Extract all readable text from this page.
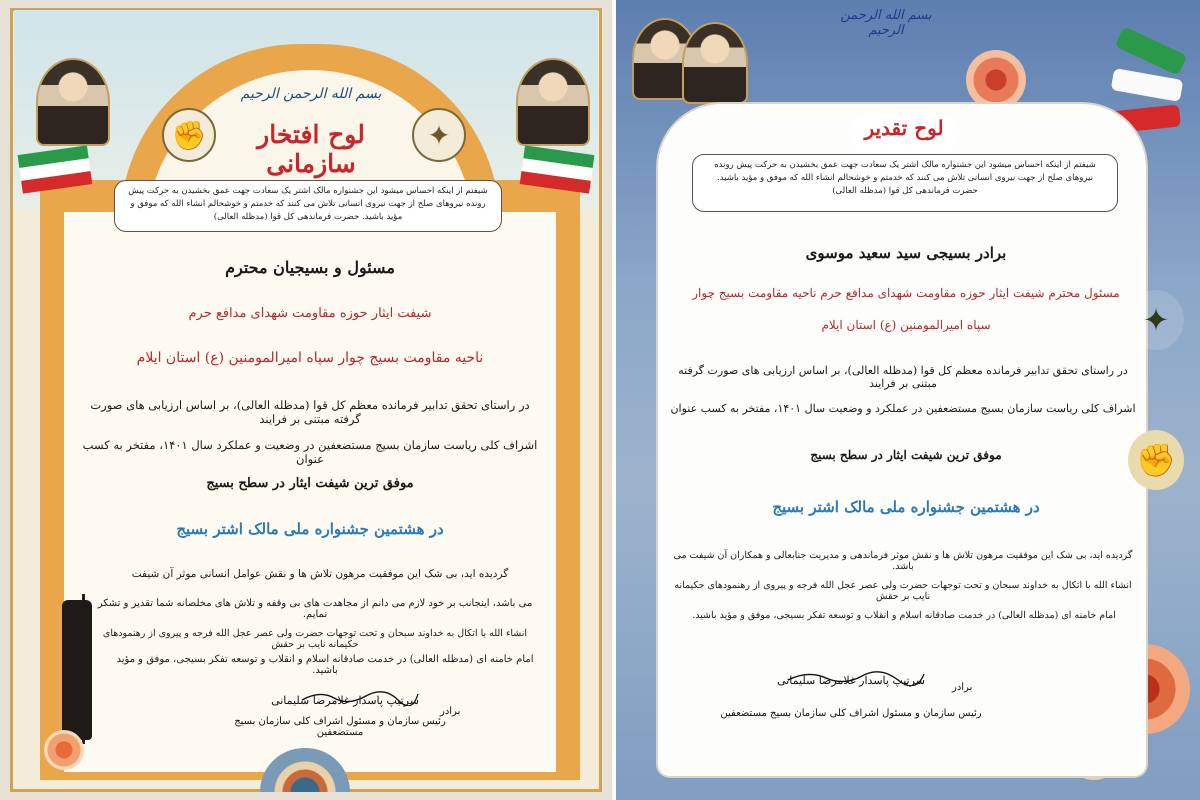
✊	✦
بسم الله الرحمن الرحیم
لوح افتخار سازمانی
شیفتم از اینکه احساس میشود این جشنواره مالک اشتر یک سعادت جهت عمق بخشیدن به حرکت پیش رونده نیروهای صلح از جهت نیروی انسانی تلاش می کنند که خدمتم و خوشحالم انشاء الله که موفق و مؤید باشید. حضرت فرماندهی کل قوا (مدظله العالی)
مسئول و بسیجیان محترم
شیفت ایثار حوزه مقاومت شهدای مدافع حرم
ناحیه مقاومت بسیج چوار سپاه امیرالمومنین (ع) استان ایلام
در راستای تحقق تدابیر فرمانده معظم کل قوا (مدظله العالی)، بر اساس ارزیابی های صورت گرفته مبتنی بر فرایند
اشراف کلی ریاست سازمان بسیج مستضعفین در وضعیت و عملکرد سال ۱۴۰۱، مفتخر به کسب عنوان
موفق ترین شیفت ایثار در سطح بسیج
در هشتمین جشنواره ملی مالک اشتر بسیج
گردیده اید، بی شک این موفقیت مرهون تلاش ها و نقش عوامل انسانی موثر آن شیفت
می باشد، اینجانب بر خود لازم می دانم از مجاهدت های بی وقفه و تلاش های مخلصانه شما تقدیر و تشکر نمایم.
انشاء الله با اتکال به خداوند سبحان و تحت توجهات حضرت ولی عصر عجل الله فرجه و پیروی از رهنمودهای حکیمانه نایب بر حقش
امام خامنه ای (مدظله العالی) در خدمت صادقانه اسلام و انقلاب و توسعه تفکر بسیجی، موفق و مؤید باشید.
سرتیپ پاسدار غلامرضا سلیمانی
برادر
رئیس سازمان و مسئول اشراف کلی سازمان بسیج مستضعفین
بسم الله الرحمن الرحیم
لوح تقدیر
شیفتم از اینکه احساس میشود این جشنواره مالک اشتر یک سعادت جهت عمق بخشیدن به حرکت پیش رونده نیروهای صلح از جهت نیروی انسانی تلاش می کنند که خدمتم و خوشحالم انشاء الله که موفق و مؤید باشید. حضرت فرماندهی کل قوا (مدظله العالی)
✦
✊
برادر بسیجی سید سعید موسوی
مسئول محترم شیفت ایثار حوزه مقاومت شهدای مدافع حرم ناحیه مقاومت بسیج چوار
سپاه امیرالمومنین (ع) استان ایلام
در راستای تحقق تدابیر فرمانده معظم کل قوا (مدظله العالی)، بر اساس ارزیابی های صورت گرفته مبتنی بر فرایند
اشراف کلی ریاست سازمان بسیج مستضعفین در عملکرد و وضعیت سال ۱۴۰۱، مفتخر به کسب عنوان
موفق ترین شیفت ایثار در سطح بسیج
در هشتمین جشنواره ملی مالک اشتر بسیج
گردیده اید، بی شک این موفقیت مرهون تلاش ها و نقش موثر فرماندهی و مدیریت جنابعالی و همکاران آن شیفت می باشد.
انشاء الله با اتکال به خداوند سبحان و تحت توجهات حضرت ولی عصر عجل الله فرجه و پیروی از رهنمودهای حکیمانه نایب بر حقش
امام خامنه ای (مدظله العالی) در خدمت صادقانه اسلام و انقلاب و توسعه تفکر بسیجی، موفق و مؤید باشید.
سرتیپ پاسدار غلامرضا سلیمانی
برادر
رئیس سازمان و مسئول اشراف کلی سازمان بسیج مستضعفین
